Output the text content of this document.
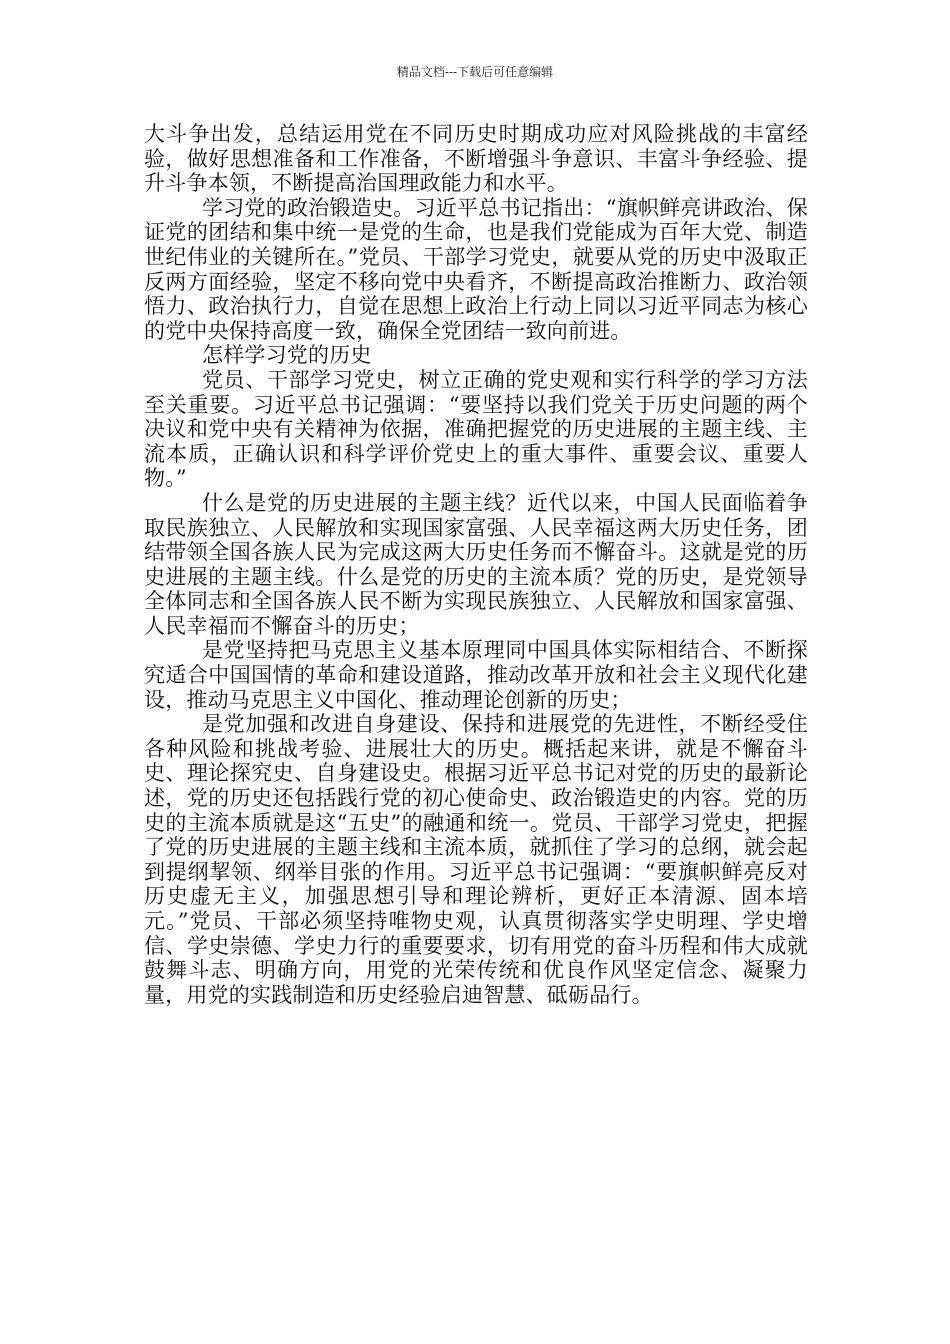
精品文档---下载后可任意编辑

大斗争出发，总结运用党在不同历史时期成功应对风险挑战的丰富经验，做好思想准备和工作准备，不断增强斗争意识、丰富斗争经验、提升斗争本领，不断提高治国理政能力和水平。

学习党的政治锻造史。习近平总书记指出：“旗帜鲜亮讲政治、保证党的团结和集中统一是党的生命，也是我们党能成为百年大党、制造世纪伟业的关键所在。”党员、干部学习党史，就要从党的历史中汲取正反两方面经验，坚定不移向党中央看齐，不断提高政治推断力、政治领悟力、政治执行力，自觉在思想上政治上行动上同以习近平同志为核心的党中央保持高度一致，确保全党团结一致向前进。

怎样学习党的历史

党员、干部学习党史，树立正确的党史观和实行科学的学习方法至关重要。习近平总书记强调：“要坚持以我们党关于历史问题的两个决议和党中央有关精神为依据，准确把握党的历史进展的主题主线、主流本质，正确认识和科学评价党史上的重大事件、重要会议、重要人物。”

什么是党的历史进展的主题主线？近代以来，中国人民面临着争取民族独立、人民解放和实现国家富强、人民幸福这两大历史任务，团结带领全国各族人民为完成这两大历史任务而不懈奋斗。这就是党的历史进展的主题主线。什么是党的历史的主流本质？党的历史，是党领导全体同志和全国各族人民不断为实现民族独立、人民解放和国家富强、人民幸福而不懈奋斗的历史；

是党坚持把马克思主义基本原理同中国具体实际相结合、不断探究适合中国国情的革命和建设道路，推动改革开放和社会主义现代化建设，推动马克思主义中国化、推动理论创新的历史；

是党加强和改进自身建设、保持和进展党的先进性，不断经受住各种风险和挑战考验、进展壮大的历史。概括起来讲，就是不懈奋斗史、理论探究史、自身建设史。根据习近平总书记对党的历史的最新论述，党的历史还包括践行党的初心使命史、政治锻造史的内容。党的历史的主流本质就是这“五史”的融通和统一。党员、干部学习党史，把握了党的历史进展的主题主线和主流本质，就抓住了学习的总纲，就会起到提纲挈领、纲举目张的作用。习近平总书记强调：“要旗帜鲜亮反对历史虚无主义，加强思想引导和理论辨析，更好正本清源、固本培元。”党员、干部必须坚持唯物史观，认真贯彻落实学史明理、学史增信、学史崇德、学史力行的重要要求，切有用党的奋斗历程和伟大成就鼓舞斗志、明确方向，用党的光荣传统和优良作风坚定信念、凝聚力量，用党的实践制造和历史经验启迪智慧、砥砺品行。
